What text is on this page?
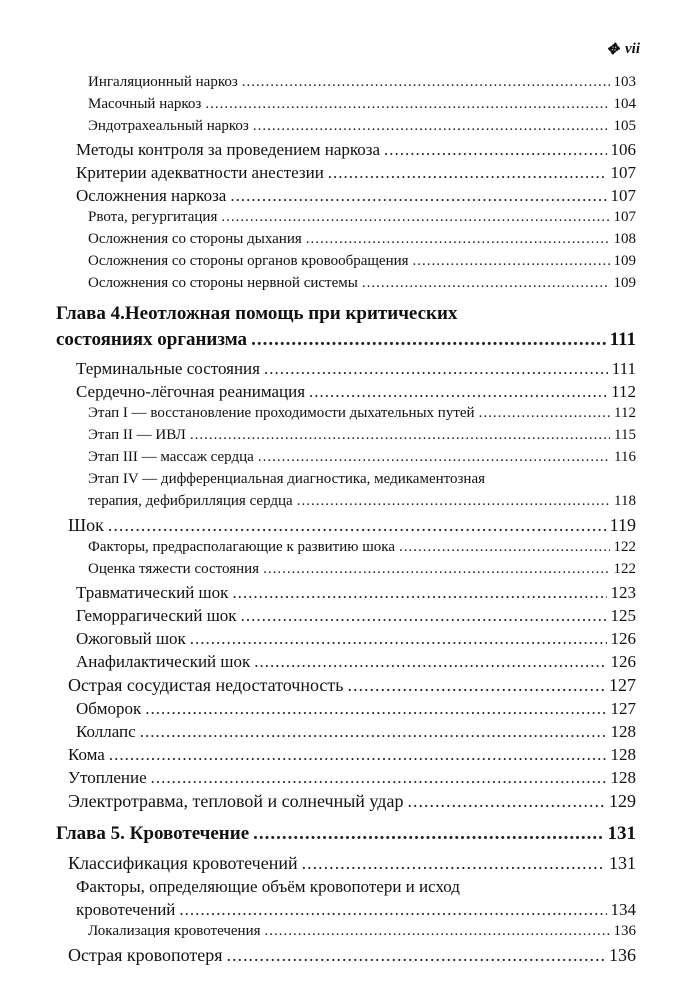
✥ vii
Ингаляционный наркоз .....	103
Масочный наркоз .....	104
Эндотрахеальный наркоз .....	105
Методы контроля за проведением наркоза .....	106
Критерии адекватности анестезии .....	107
Осложнения наркоза .....	107
Рвота, регургитация .....	107
Осложнения со стороны дыхания .....	108
Осложнения со стороны органов кровообращения .....	109
Осложнения со стороны нервной системы .....	109
Глава 4.Неотложная помощь при критических
состояниях организма .....	111
Терминальные состояния .....	111
Сердечно-лёгочная реанимация .....	112
Этап I — восстановление проходимости дыхательных путей .....	112
Этап II — ИВЛ .....	115
Этап III — массаж сердца .....	116
Этап IV — дифференциальная диагностика, медикаментозная
терапия, дефибрилляция сердца .....	118
Шок .....	119
Факторы, предрасполагающие к развитию шока .....	122
Оценка тяжести состояния .....	122
Травматический шок .....	123
Геморрагический шок .....	125
Ожоговый шок .....	126
Анафилактический шок .....	126
Острая сосудистая недостаточность .....	127
Обморок .....	127
Коллапс .....	128
Кома .....	128
Утопление .....	128
Электротравма, тепловой и солнечный удар .....	129
Глава 5. Кровотечение .....	131
Классификация кровотечений .....	131
Факторы, определяющие объём кровопотери и исход
кровотечений .....	134
Локализация кровотечения .....	136
Острая кровопотеря .....	136
